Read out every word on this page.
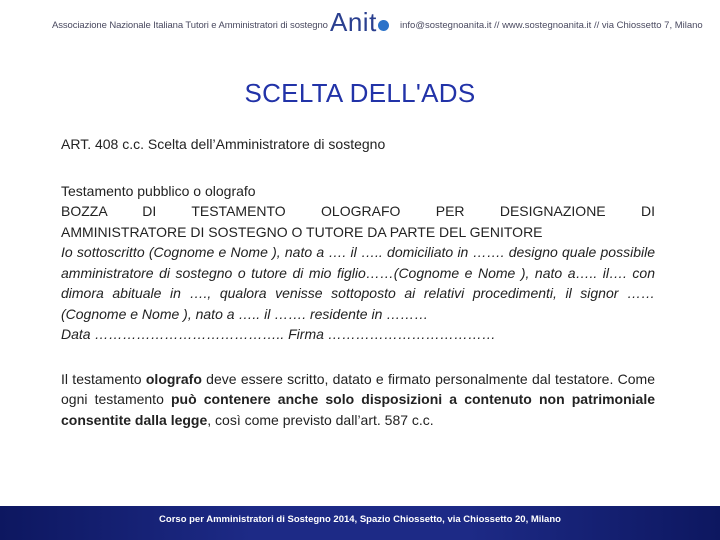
Associazione Nazionale Italiana Tutori e Amministratori di sostegno Anit	info@sostegnoanita.it // www.sostegnoanita.it // via Chiossetto 7, Milano
SCELTA DELL'ADS

ART. 408 c.c. Scelta dell’Amministratore di sostegno

Testamento pubblico o olografo

BOZZA DI TESTAMENTO OLOGRAFO PER DESIGNAZIONE DI

AMMINISTRATORE DI SOSTEGNO O TUTORE DA PARTE DEL GENITORE

Io sottoscritto (Cognome e Nome ), nato a …. il ….. domiciliato in ……. designo quale possibile amministratore di sostegno o tutore di mio figlio……(Cognome e Nome ), nato a….. il…. con dimora abituale in …., qualora venisse sottoposto ai relativi procedimenti, il signor …… (Cognome e Nome ), nato a ….. il ……. residente in ………

Data ………………………………….. Firma ………………………………

Il testamento olografo deve essere scritto, datato e firmato personalmente dal testatore. Come ogni testamento può contenere anche solo disposizioni a contenuto non patrimoniale consentite dalla legge, così come previsto dall’art. 587 c.c.

Corso per Amministratori di Sostegno 2014, Spazio Chiossetto, via Chiossetto 20, Milano
